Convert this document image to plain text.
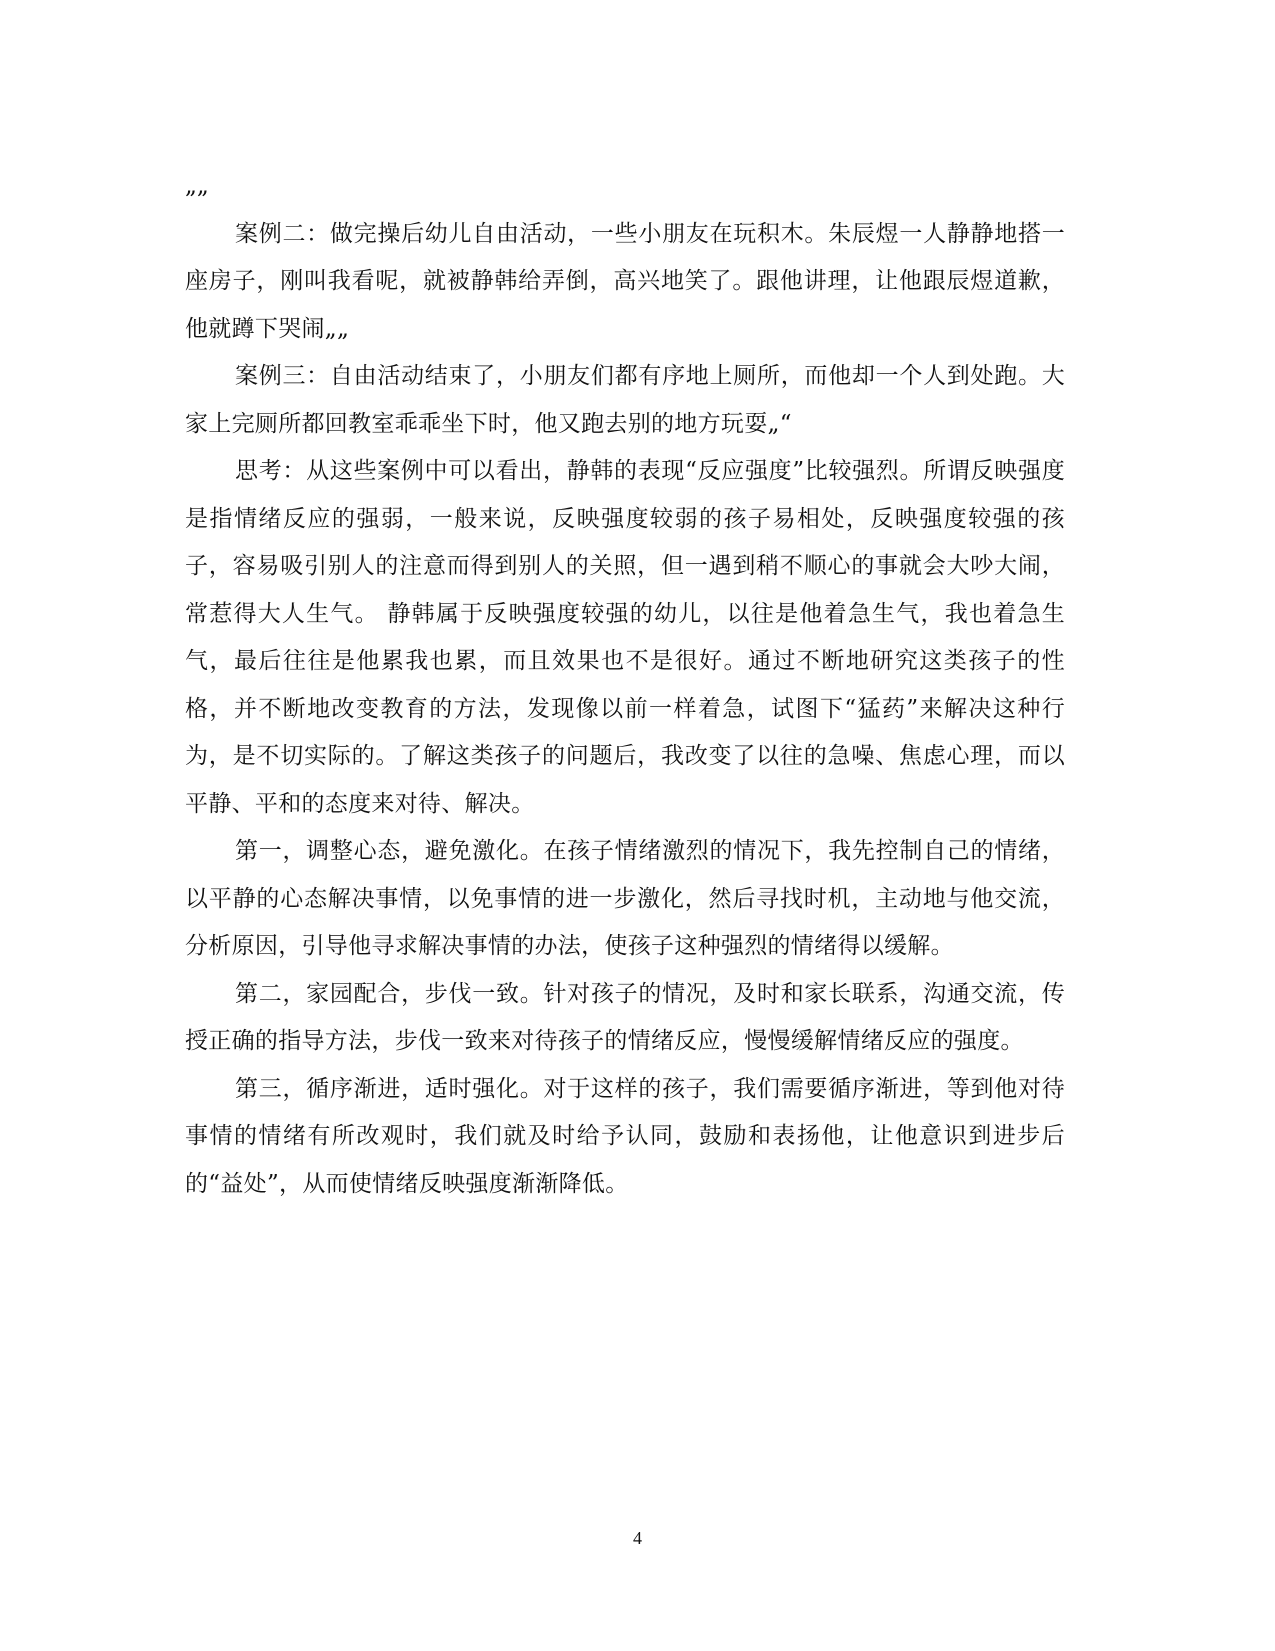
„„

案例二：做完操后幼儿自由活动，一些小朋友在玩积木。朱辰煜一人静静地搭一座房子，刚叫我看呢，就被静韩给弄倒，高兴地笑了。跟他讲理，让他跟辰煜道歉，他就蹲下哭闹„„

案例三：自由活动结束了，小朋友们都有序地上厕所，而他却一个人到处跑。大家上完厕所都回教室乖乖坐下时，他又跑去别的地方玩耍„“

思考：从这些案例中可以看出，静韩的表现“反应强度”比较强烈。所谓反映强度是指情绪反应的强弱，一般来说，反映强度较弱的孩子易相处，反映强度较强的孩子，容易吸引别人的注意而得到别人的关照，但一遇到稍不顺心的事就会大吵大闹，常惹得大人生气。 静韩属于反映强度较强的幼儿，以往是他着急生气，我也着急生气，最后往往是他累我也累，而且效果也不是很好。通过不断地研究这类孩子的性格，并不断地改变教育的方法，发现像以前一样着急，试图下“猛药”来解决这种行为，是不切实际的。了解这类孩子的问题后，我改变了以往的急噪、焦虑心理，而以平静、平和的态度来对待、解决。

第一，调整心态，避免激化。在孩子情绪激烈的情况下，我先控制自己的情绪，以平静的心态解决事情，以免事情的进一步激化，然后寻找时机，主动地与他交流，分析原因，引导他寻求解决事情的办法，使孩子这种强烈的情绪得以缓解。

第二，家园配合，步伐一致。针对孩子的情况，及时和家长联系，沟通交流，传授正确的指导方法，步伐一致来对待孩子的情绪反应，慢慢缓解情绪反应的强度。

第三，循序渐进，适时强化。对于这样的孩子，我们需要循序渐进，等到他对待事情的情绪有所改观时，我们就及时给予认同，鼓励和表扬他，让他意识到进步后的“益处”，从而使情绪反映强度渐渐降低。

4
